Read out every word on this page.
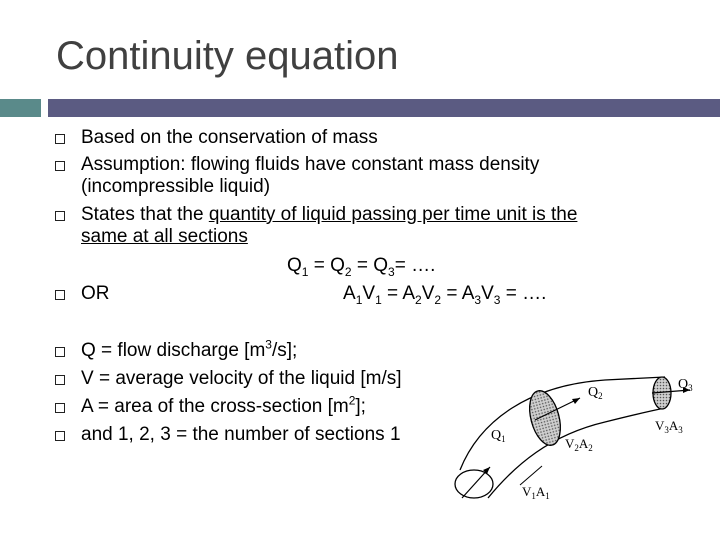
Continuity equation
Based on the conservation of mass
Assumption: flowing fluids have constant mass density
(incompressible liquid)
States that the quantity of liquid passing per time unit is the
same at all sections
$Q_1 = Q_2 = Q_3=$ ….
OR	$A_1V_1 = A_2V_2 = A_3V_3$ = ….
Q = flow discharge $[m^3/s]$;
V = average velocity of the liquid [m/s]
A = area of the cross-section $[m^2]$;
and 1, 2, 3 = the number of sections 1	$Q_1$
$Q_2$
$Q_3$
$V_2A_2$
$V_3A_3$
$V_1A_1$
